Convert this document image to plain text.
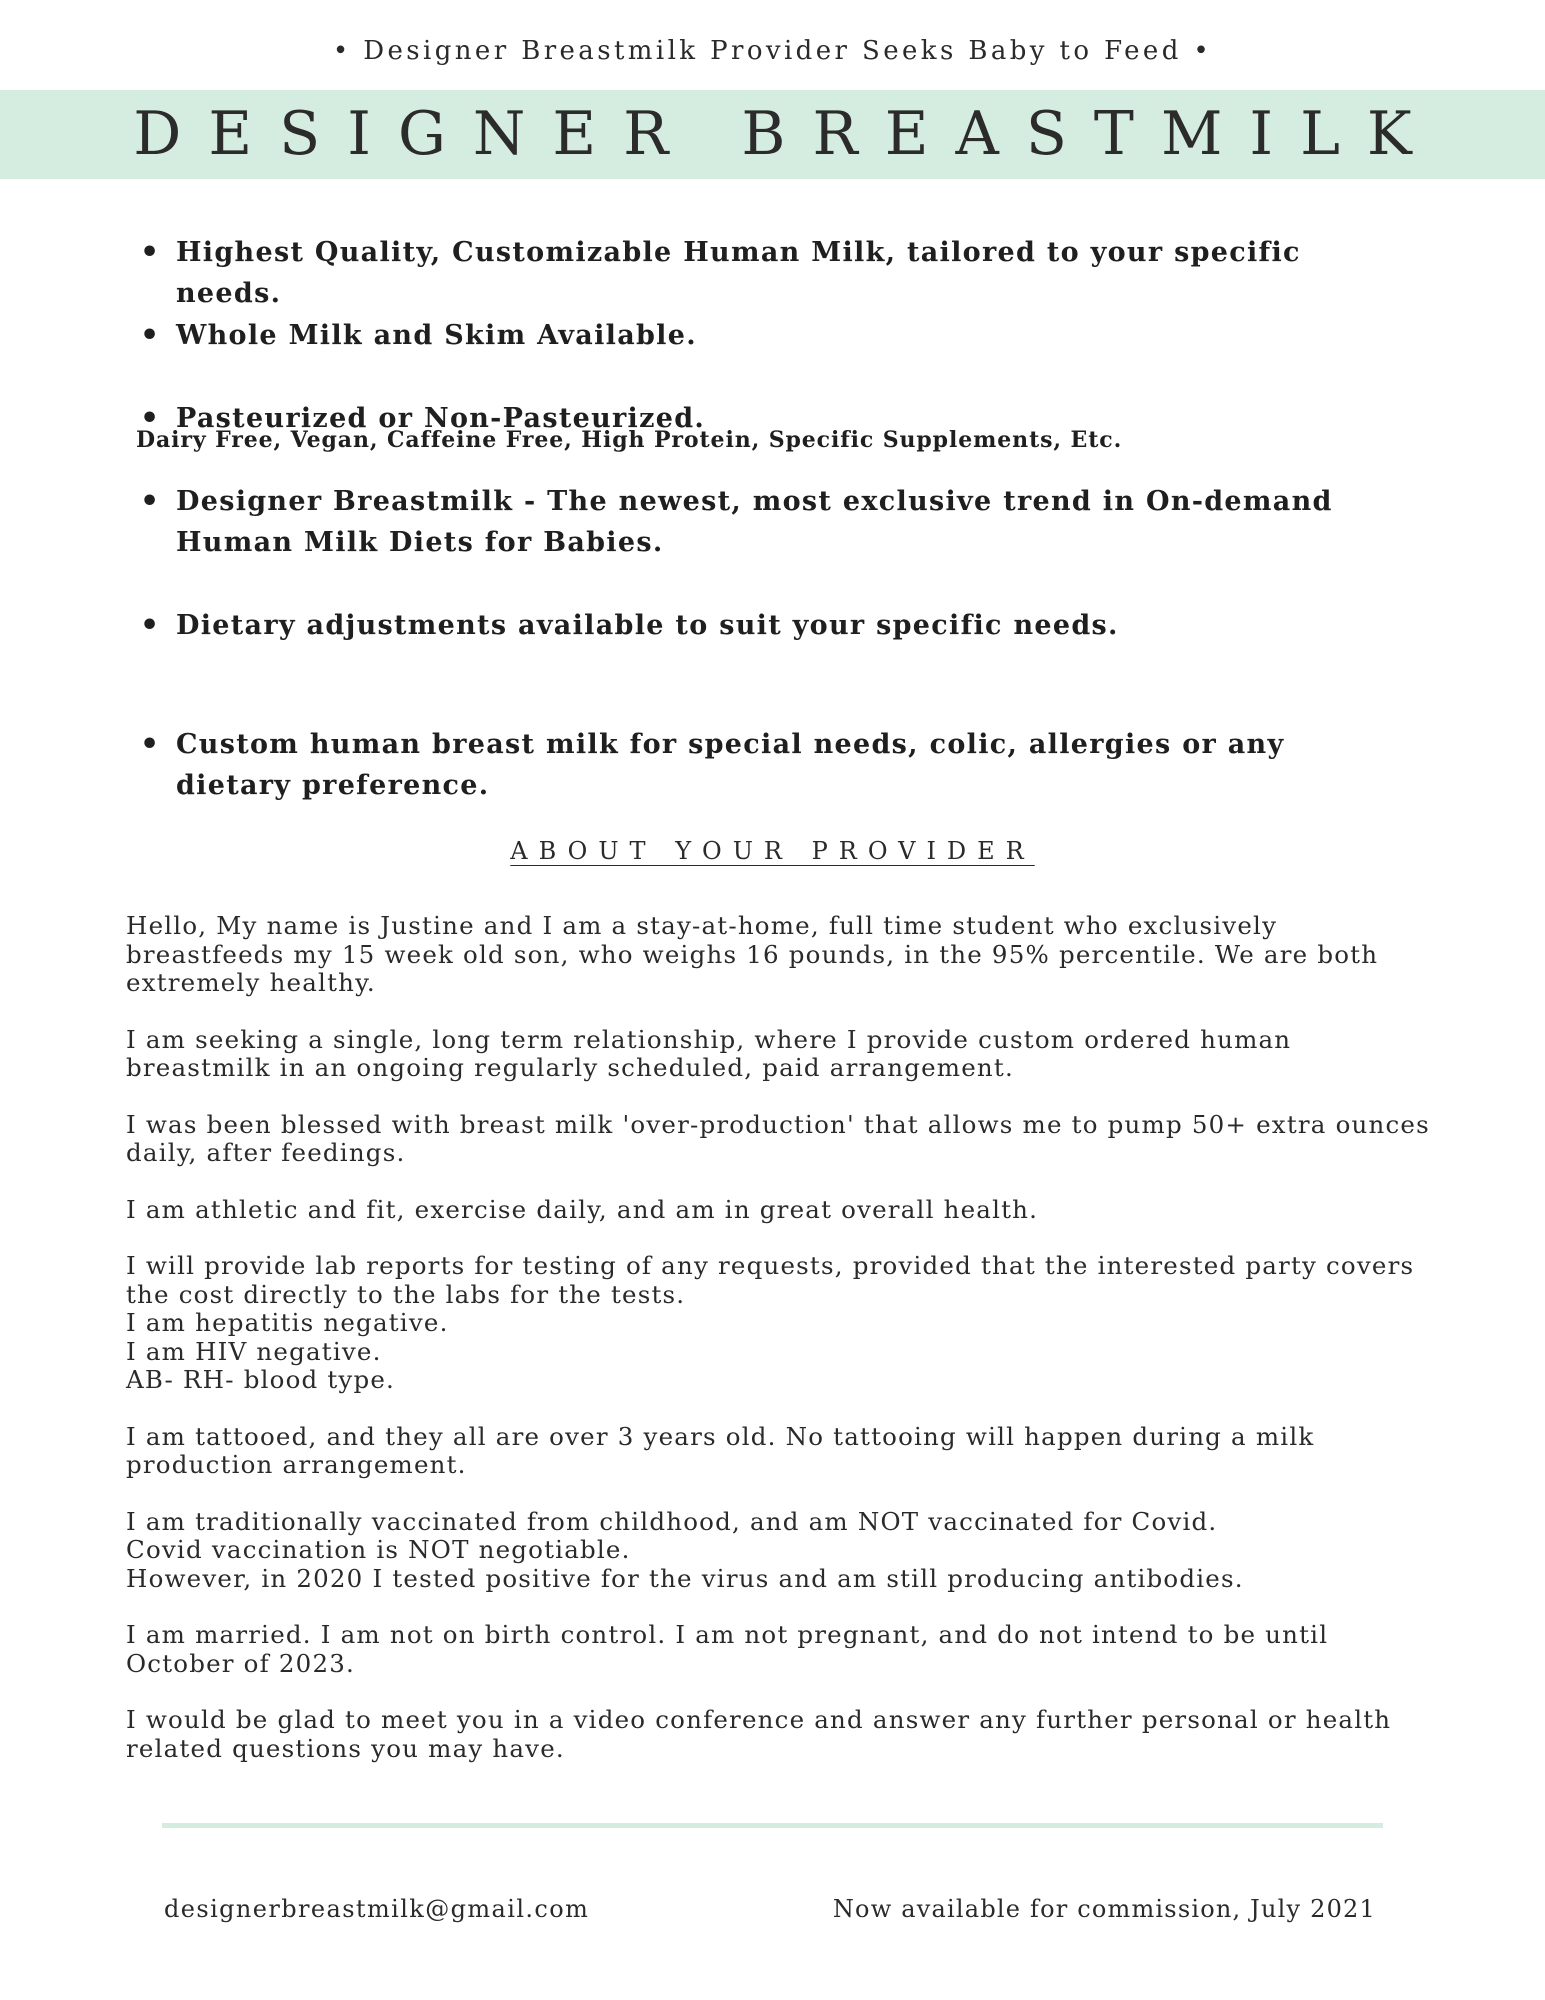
• Designer Breastmilk Provider Seeks Baby to Feed •
DESIGNER BREASTMILK
• Highest Quality, Customizable Human Milk, tailored to your specific needs.
• Whole Milk and Skim Available.
• Pasteurized or Non-Pasteurized.
• Designer Breastmilk - The newest, most exclusive trend in On-demand Human Milk Diets for Babies.
• Dietary adjustments available to suit your specific needs.
• Custom human breast milk for special needs, colic, allergies or any dietary preference.
Dairy Free, Vegan, Caffeine Free, High Protein, Specific Supplements, Etc.
ABOUT YOUR PROVIDER

Hello, My name is Justine and I am a stay-at-home, full time student who exclusively
breastfeeds my 15 week old son, who weighs 16 pounds, in the 95% percentile. We are both
extremely healthy.

I am seeking a single, long term relationship, where I provide custom ordered human
breastmilk in an ongoing regularly scheduled, paid arrangement.

I was been blessed with breast milk 'over-production' that allows me to pump 50+ extra ounces
daily, after feedings.

I am athletic and fit, exercise daily, and am in great overall health.

I will provide lab reports for testing of any requests, provided that the interested party covers
the cost directly to the labs for the tests.
I am hepatitis negative.
I am HIV negative.
AB- RH- blood type.

I am tattooed, and they all are over 3 years old. No tattooing will happen during a milk
production arrangement.

I am traditionally vaccinated from childhood, and am NOT vaccinated for Covid.
Covid vaccination is NOT negotiable.
However, in 2020 I tested positive for the virus and am still producing antibodies.

I am married. I am not on birth control. I am not pregnant, and do not intend to be until
October of 2023.

I would be glad to meet you in a video conference and answer any further personal or health
related questions you may have.

designerbreastmilk@gmail.com	Now available for commission, July 2021
